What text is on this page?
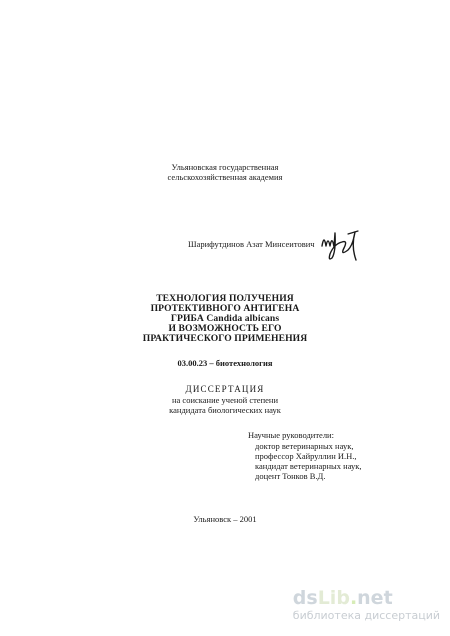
Ульяновская государственная
сельскохозяйственная академия
Шарифутдинов Азат Минсеитович
ТЕХНОЛОГИЯ ПОЛУЧЕНИЯ
ПРОТЕКТИВНОГО АНТИГЕНА
ГРИБА Candida albicans
И ВОЗМОЖНОСТЬ ЕГО
ПРАКТИЧЕСКОГО ПРИМЕНЕНИЯ
03.00.23 – биотехнология
ДИССЕРТАЦИЯ
на соискание ученой степени
кандидата биологических наук
Научные руководители:
доктор ветеринарных наук,
профессор Хайруллин И.Н.,
кандидат ветеринарных наук,
доцент Тонков В.Д.
Ульяновск – 2001
dsLib.net
библиотека диссертаций
